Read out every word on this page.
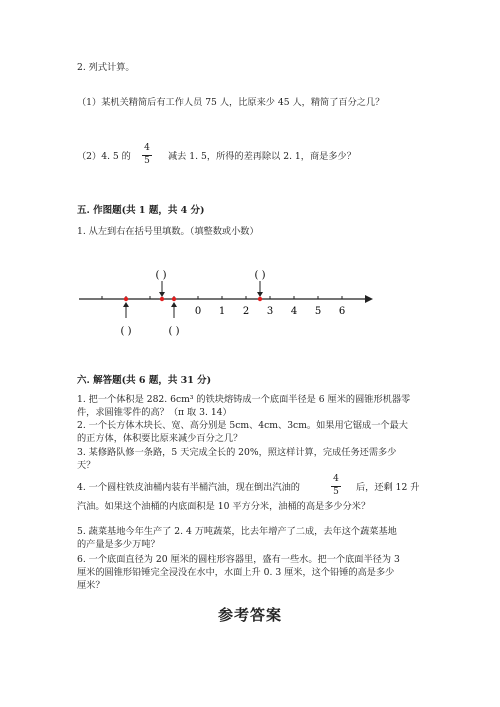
2. 列式计算。
（1）某机关精简后有工作人员 75 人，比原来少 45 人，精简了百分之几？
（2）4. 5 的
4
5	减去 1. 5，所得的差再除以 2. 1，商是多少？
五. 作图题(共 1 题，共 4 分)
1. 从左到右在括号里填数。（填整数或小数）
0 1 2 3 4 5 6
( )	( )
( )	( )
六. 解答题(共 6 题，共 31 分)
1. 把一个体积是 282. 6cm³ 的铁块熔铸成一个底面半径是 6 厘米的圆锥形机器零
件，求圆锥零件的高？（π 取 3. 14）
2. 一个长方体木块长、宽、高分别是 5cm、4cm、3cm。如果用它锯成一个最大
的正方体，体积要比原来减少百分之几？
3. 某修路队修一条路，5 天完成全长的 20%，照这样计算，完成任务还需多少
天？
4. 一个圆柱铁皮油桶内装有半桶汽油，现在倒出汽油的
4
5	后，还剩 12 升
汽油。如果这个油桶的内底面积是 10 平方分米，油桶的高是多少分米？
5. 蔬菜基地今年生产了 2. 4 万吨蔬菜，比去年增产了二成，去年这个蔬菜基地
的产量是多少万吨？
6. 一个底面直径为 20 厘米的圆柱形容器里，盛有一些水。把一个底面半径为 3
厘米的圆锥形铅锤完全浸没在水中，水面上升 0. 3 厘米，这个铅锤的高是多少
厘米？
参考答案
